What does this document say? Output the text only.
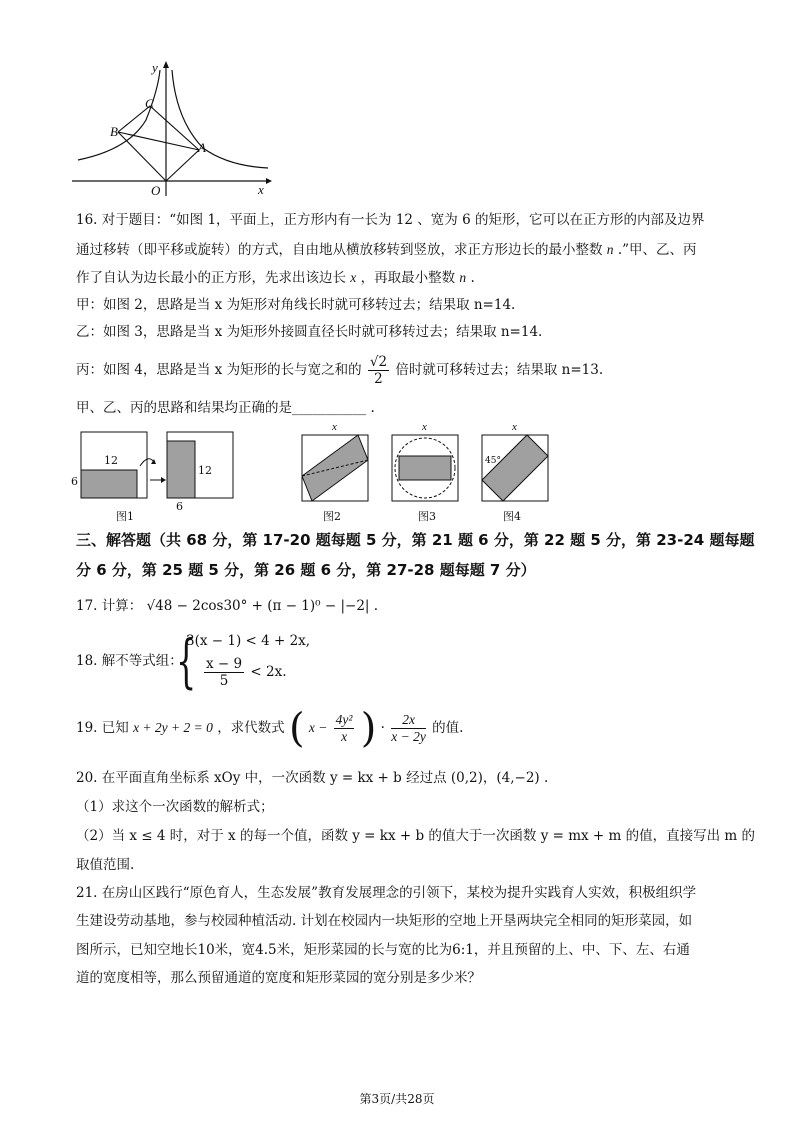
y
x
O
C
B
A
16. 对于题目：“如图 1，平面上，正方形内有一长为 12 、宽为 6 的矩形，它可以在正方形的内部及边界
通过移转（即平移或旋转）的方式，自由地从横放移转到竖放，求正方形边长的最小整数 n .”甲、乙、丙
作了自认为边长最小的正方形，先求出该边长 x ，再取最小整数 n .
甲：如图 2，思路是当 x 为矩形对角线长时就可移转过去；结果取 n=14.
乙：如图 3，思路是当 x 为矩形外接圆直径长时就可移转过去；结果取 n=14.
丙：如图 4，思路是当 x 为矩形的长与宽之和的 $\frac{√2}{2}$ 倍时就可移转过去；结果取 n=13.
甲、乙、丙的思路和结果均正确的是___________ .
12
6
12
6
图1
x
图2
x
图3
x
45°
图4
三、解答题（共 68 分，第 17-20 题每题 5 分，第 21 题 6 分，第 22 题 5 分，第 23-24 题每题
分 6 分，第 25 题 5 分，第 26 题 6 分，第 27-28 题每题 7 分）
17. 计算： √48 − 2cos30° + (π − 1)⁰ − |−2| .
18. 解不等式组：
{
3(x − 1) < 4 + 2x,
$\frac{x - 9}{5} < 2x$.
19. 已知 x + 2y + 2 = 0 ，求代数式 ( $x - \frac{\text{4y²}}{x}$ ) · $\frac{2x}{x - 2y}$ 的值.
20. 在平面直角坐标系 xOy 中，一次函数 y = kx + b 经过点 (0,2)，(4,−2) .
（1）求这个一次函数的解析式；
（2）当 x ≤ 4 时，对于 x 的每一个值，函数 y = kx + b 的值大于一次函数 y = mx + m 的值，直接写出 m 的
取值范围.
21. 在房山区践行“原色育人，生态发展”教育发展理念的引领下，某校为提升实践育人实效，积极组织学
生建设劳动基地，参与校园种植活动. 计划在校园内一块矩形的空地上开垦两块完全相同的矩形菜园，如
图所示，已知空地长10米，宽4.5米，矩形菜园的长与宽的比为6:1，并且预留的上、中、下、左、右通
道的宽度相等，那么预留通道的宽度和矩形菜园的宽分别是多少米？
第3页/共28页
